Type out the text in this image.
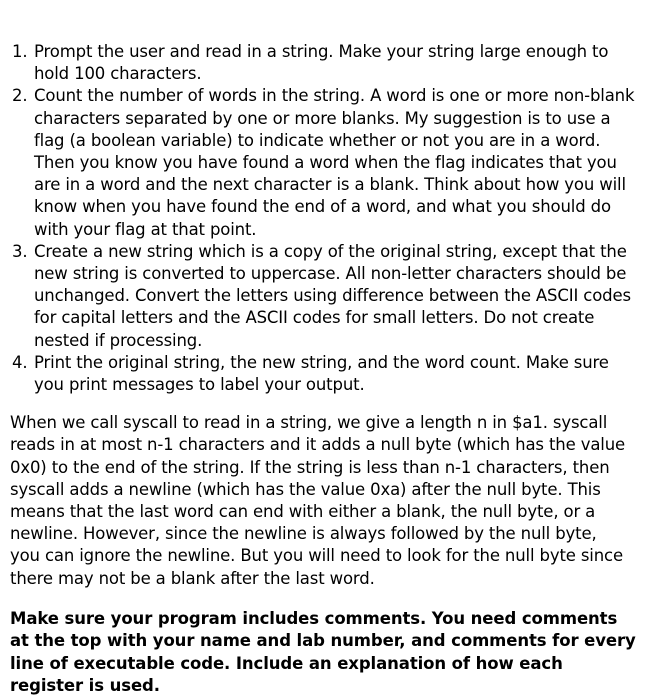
1. Prompt the user and read in a string. Make your string large enough to hold 100 characters.
2. Count the number of words in the string. A word is one or more non-blank characters separated by one or more blanks. My suggestion is to use a flag (a boolean variable) to indicate whether or not you are in a word. Then you know you have found a word when the flag indicates that you are in a word and the next character is a blank. Think about how you will know when you have found the end of a word, and what you should do with your flag at that point.
3. Create a new string which is a copy of the original string, except that the new string is converted to uppercase. All non-letter characters should be unchanged. Convert the letters using difference between the ASCII codes for capital letters and the ASCII codes for small letters. Do not create nested if processing.
4. Print the original string, the new string, and the word count. Make sure you print messages to label your output.

When we call syscall to read in a string, we give a length n in $a1. syscall reads in at most n-1 characters and it adds a null byte (which has the value 0x0) to the end of the string. If the string is less than n-1 characters, then syscall adds a newline (which has the value 0xa) after the null byte. This means that the last word can end with either a blank, the null byte, or a newline. However, since the newline is always followed by the null byte, you can ignore the newline. But you will need to look for the null byte since there may not be a blank after the last word.

Make sure your program includes comments. You need comments at the top with your name and lab number, and comments for every line of executable code. Include an explanation of how each register is used.
